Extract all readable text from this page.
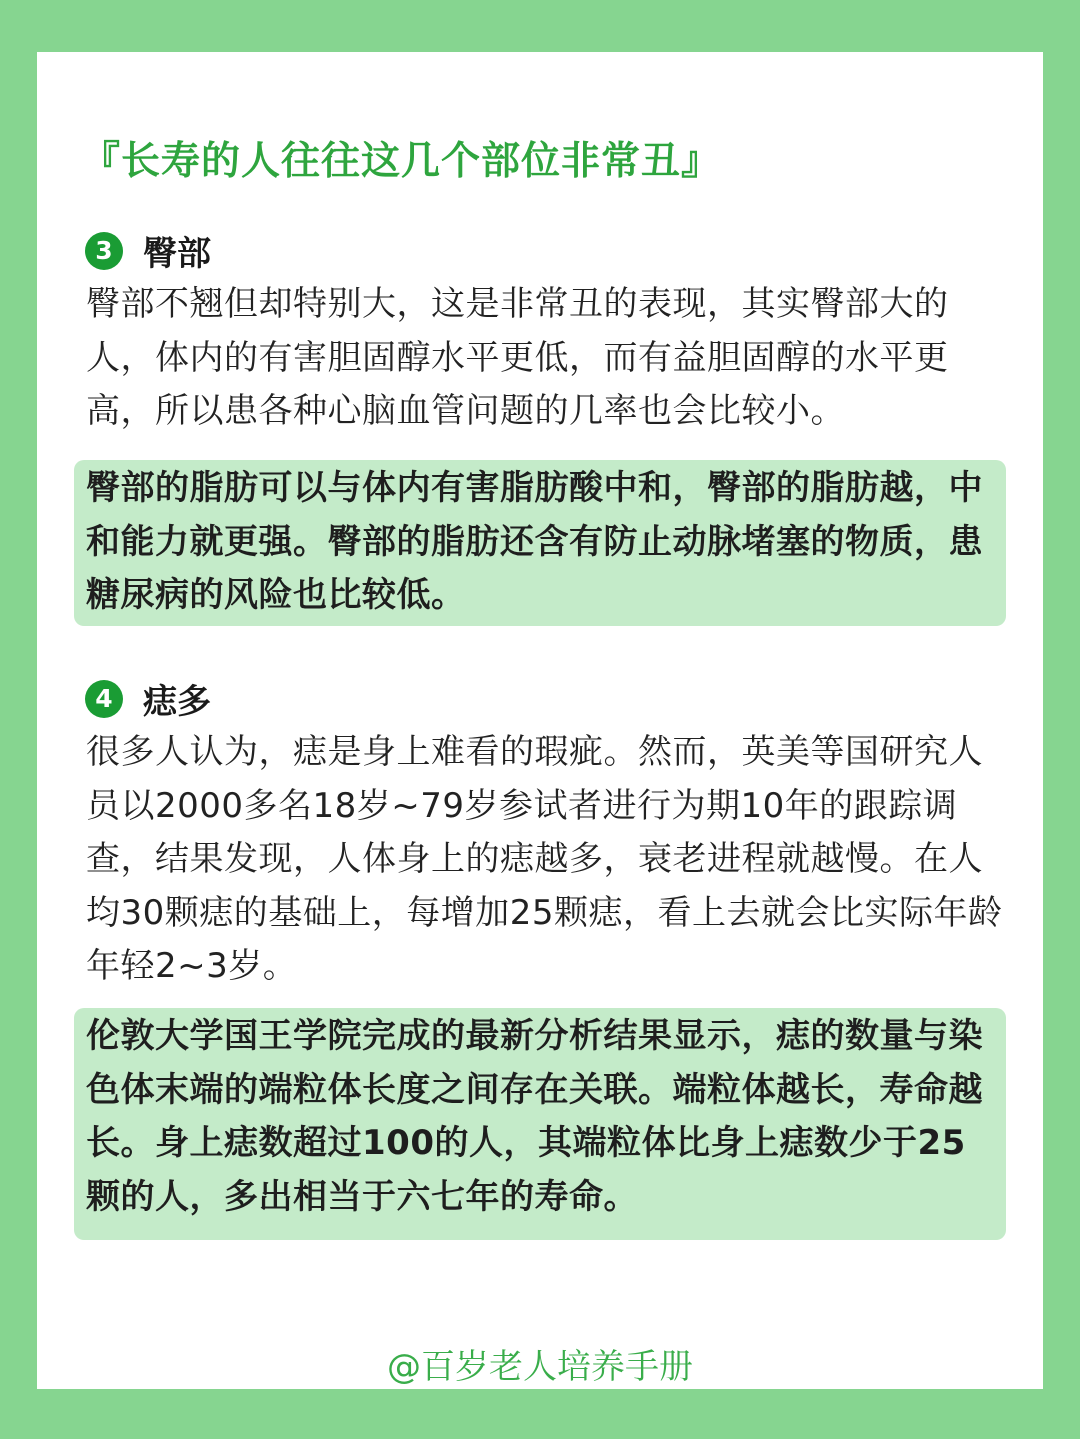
『长寿的人往往这几个部位非常丑』
3 臀部

臀部不翘但却特别大，这是非常丑的表现，其实臀部大的人，体内的有害胆固醇水平更低，而有益胆固醇的水平更高，所以患各种心脑血管问题的几率也会比较小。

臀部的脂肪可以与体内有害脂肪酸中和，臀部的脂肪越，中和能力就更强。臀部的脂肪还含有防止动脉堵塞的物质，患糖尿病的风险也比较低。

4 痣多

很多人认为，痣是身上难看的瑕疵。然而，英美等国研究人员以2000多名18岁~79岁参试者进行为期10年的跟踪调查，结果发现，人体身上的痣越多，衰老进程就越慢。在人均30颗痣的基础上，每增加25颗痣，看上去就会比实际年龄年轻2~3岁。

伦敦大学国王学院完成的最新分析结果显示，痣的数量与染色体末端的端粒体长度之间存在关联。端粒体越长，寿命越长。身上痣数超过100的人，其端粒体比身上痣数少于25颗的人，多出相当于六七年的寿命。

@百岁老人培养手册
